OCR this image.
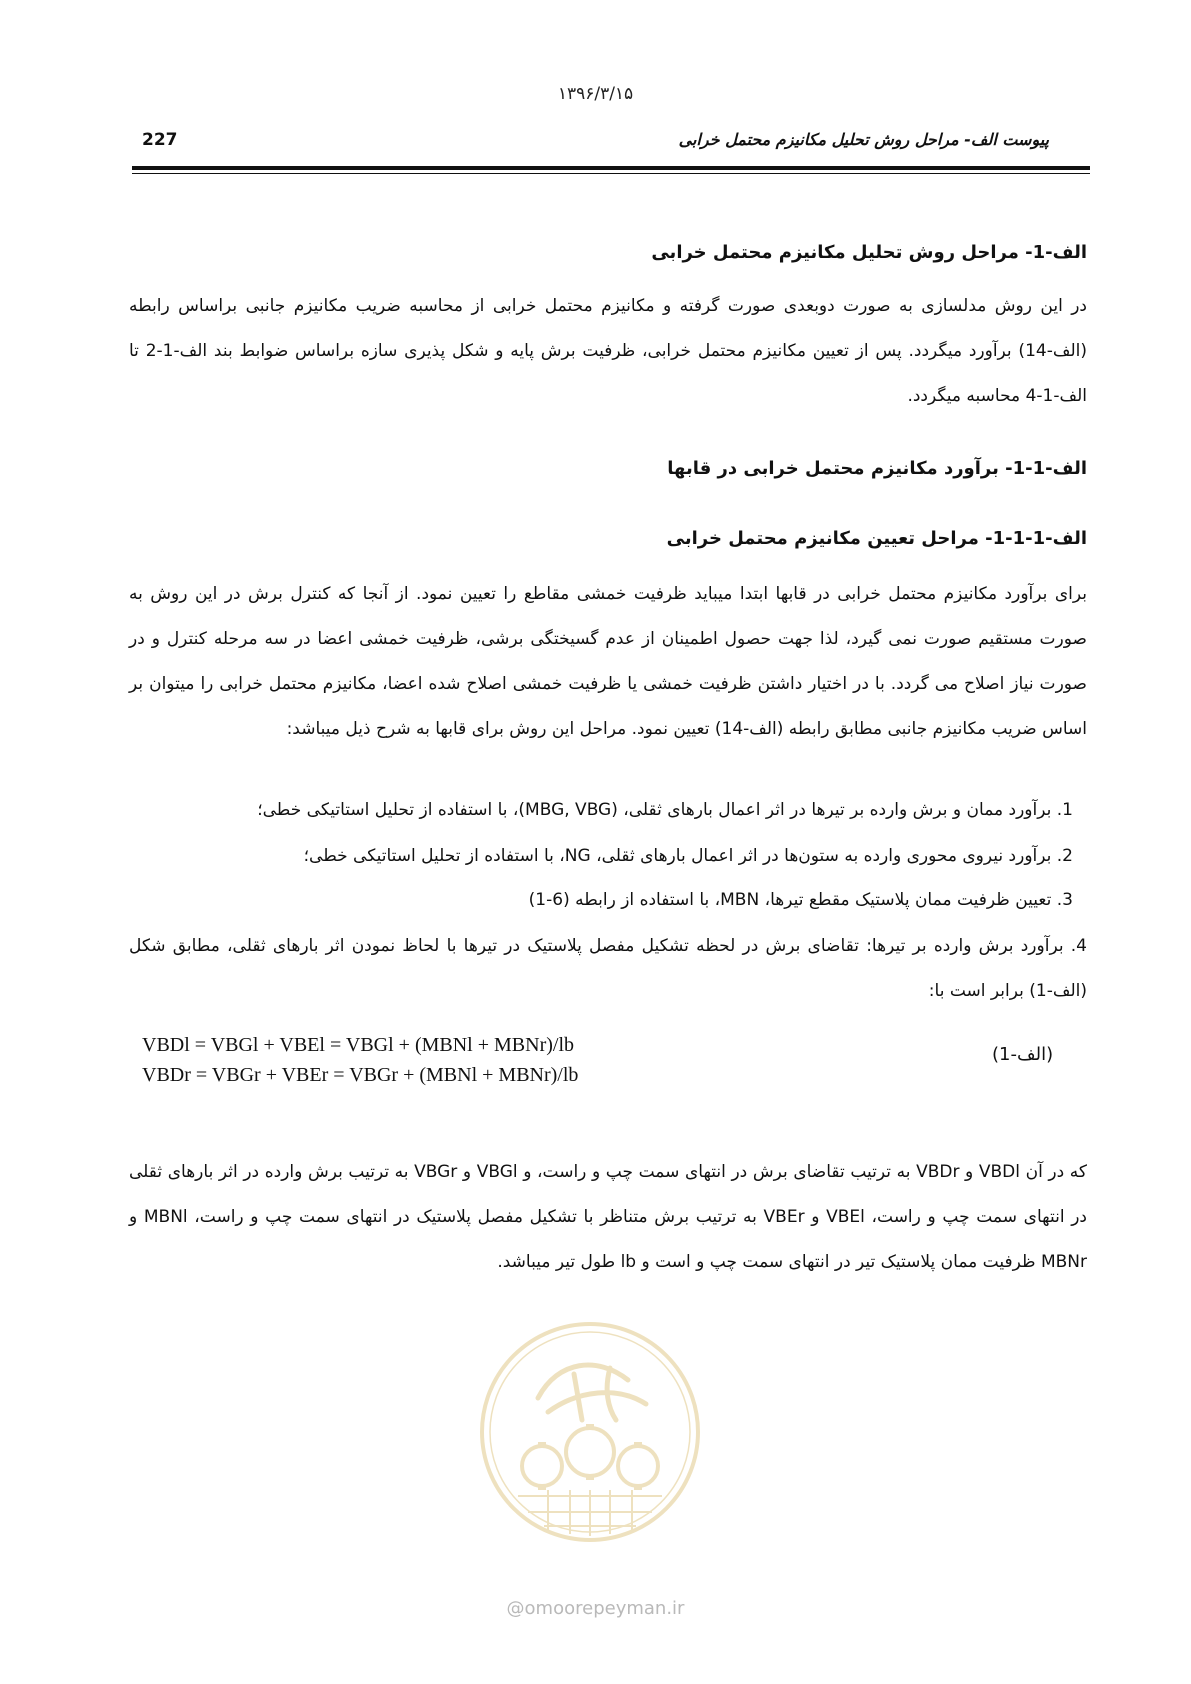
۱۳۹۶/۳/۱۵
227	پیوست الف- مراحل روش تحلیل مکانیزم محتمل خرابی
الف-1- مراحل روش تحلیل مکانیزم محتمل خرابی
در این روش مدلسازی به صورت دوبعدی صورت گرفته و مکانیزم محتمل خرابی از محاسبه ضریب مکانیزم جانبی براساس رابطه (الف-14) برآورد میگردد. پس از تعیین مکانیزم محتمل خرابی، ظرفیت برش پایه و شکل پذیری سازه براساس ضوابط بند الف-1-2 تا الف-1-4 محاسبه میگردد.
الف-1-1- برآورد مکانیزم محتمل خرابی در قابها
الف-1-1-1- مراحل تعیین مکانیزم محتمل خرابی
برای برآورد مکانیزم محتمل خرابی در قابها ابتدا میباید ظرفیت خمشی مقاطع را تعیین نمود. از آنجا که کنترل برش در این روش به صورت مستقیم صورت نمی گیرد، لذا جهت حصول اطمینان از عدم گسیختگی برشی، ظرفیت خمشی اعضا در سه مرحله کنترل و در صورت نیاز اصلاح می گردد. با در اختیار داشتن ظرفیت خمشی یا ظرفیت خمشی اصلاح شده اعضا، مکانیزم محتمل خرابی را میتوان بر اساس ضریب مکانیزم جانبی مطابق رابطه (الف-14) تعیین نمود. مراحل این روش برای قابها به شرح ذیل میباشد:
1. برآورد ممان و برش وارده بر تیرها در اثر اعمال بارهای ثقلی، (MBG, VBG)، با استفاده از تحلیل استاتیکی خطی؛
2. برآورد نیروی محوری وارده به ستون‌ها در اثر اعمال بارهای ثقلی، NG، با استفاده از تحلیل استاتیکی خطی؛
3. تعیین ظرفیت ممان پلاستیک مقطع تیرها، MBN، با استفاده از رابطه (6-1)
4. برآورد برش وارده بر تیرها: تقاضای برش در لحظه تشکیل مفصل پلاستیک در تیرها با لحاظ نمودن اثر بارهای ثقلی، مطابق شکل (الف-1) برابر است با:
VBDl = VBGl + VBEl = VBGl + (MBNl + MBNr)/lb
VBDr = VBGr + VBEr = VBGr + (MBNl + MBNr)/lb
(الف-1)
که در آن VBDl و VBDr به ترتیب تقاضای برش در انتهای سمت چپ و راست، و VBGl و VBGr به ترتیب برش وارده در اثر بارهای ثقلی در انتهای سمت چپ و راست، VBEl و VBEr به ترتیب برش متناظر با تشکیل مفصل پلاستیک در انتهای سمت چپ و راست، MBNl و MBNr ظرفیت ممان پلاستیک تیر در انتهای سمت چپ و است و lb طول تیر میباشد.
@omoorepeyman.ir
